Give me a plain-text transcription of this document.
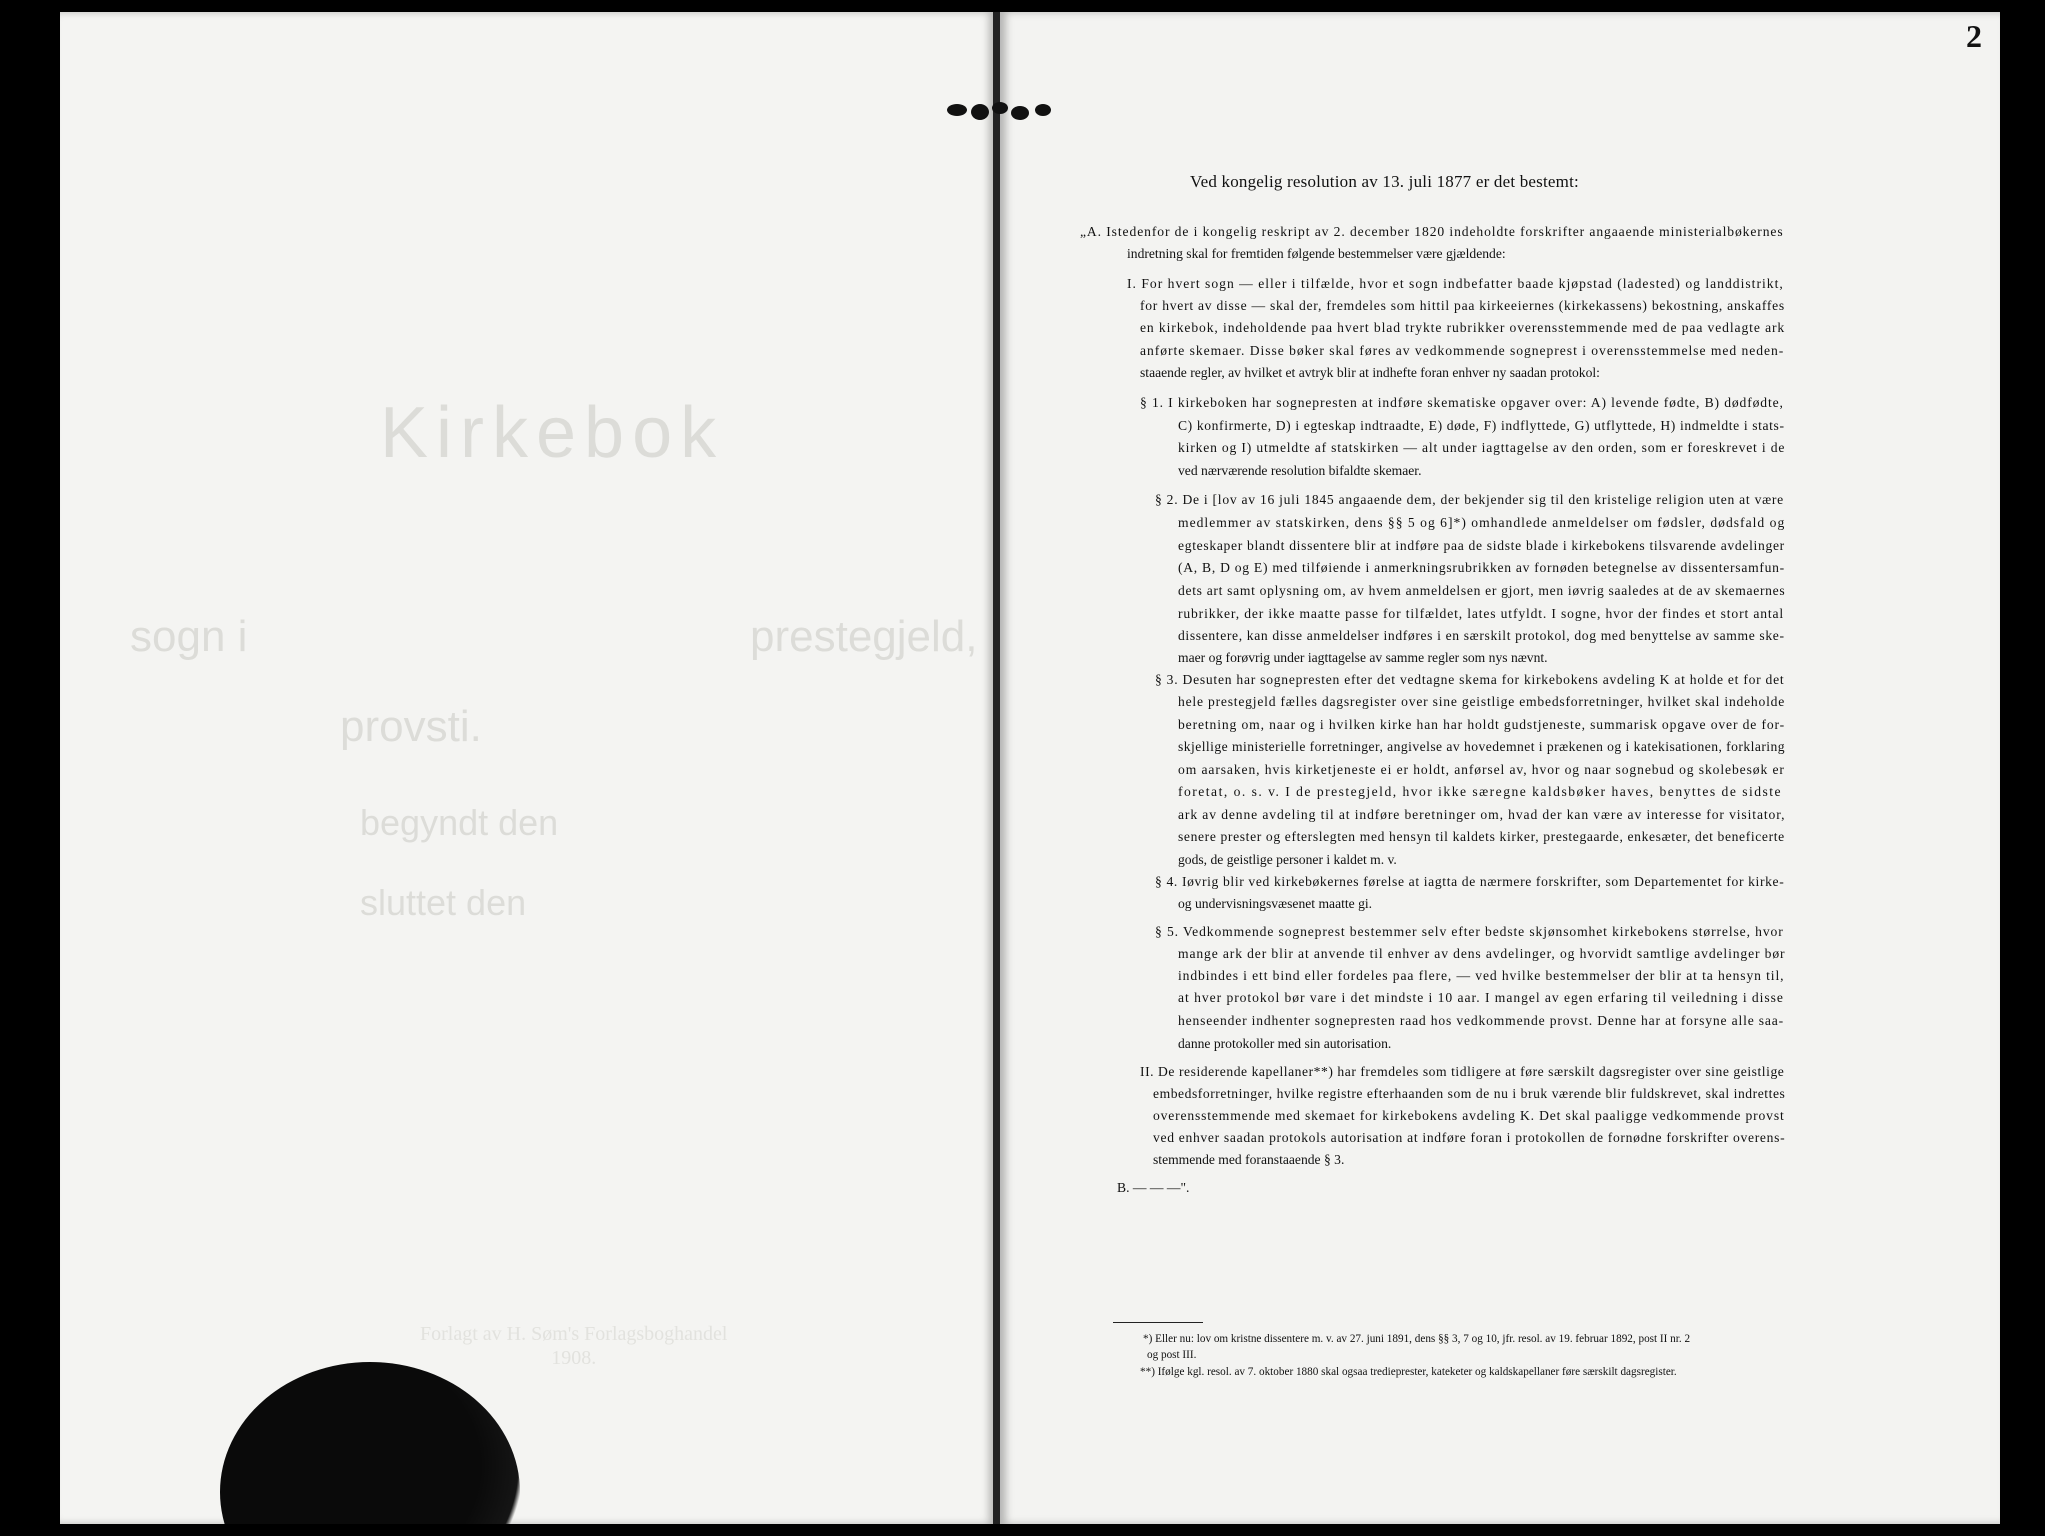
Kirkebok
sogn i	prestegjeld,
provsti.
begyndt den
sluttet den
Forlagt av H. Søm's Forlagsboghandel
1908.
2
Ved kongelig resolution av 13. juli 1877 er det bestemt:
„A. Istedenfor de i kongelig reskript av 2. december 1820 indeholdte forskrifter angaaende ministerialbøkernes
indretning skal for fremtiden følgende bestemmelser være gjældende:
I. For hvert sogn — eller i tilfælde, hvor et sogn indbefatter baade kjøpstad (ladested) og landdistrikt,
for hvert av disse — skal der, fremdeles som hittil paa kirkeeiernes (kirkekassens) bekostning, anskaffes
en kirkebok, indeholdende paa hvert blad trykte rubrikker overensstemmende med de paa vedlagte ark
anførte skemaer. Disse bøker skal føres av vedkommende sogneprest i overensstemmelse med neden-
staaende regler, av hvilket et avtryk blir at indhefte foran enhver ny saadan protokol:
§ 1. I kirkeboken har sognepresten at indføre skematiske opgaver over: A) levende fødte, B) dødfødte,
C) konfirmerte, D) i egteskap indtraadte, E) døde, F) indflyttede, G) utflyttede, H) indmeldte i stats-
kirken og I) utmeldte af statskirken — alt under iagttagelse av den orden, som er foreskrevet i de
ved nærværende resolution bifaldte skemaer.
§ 2. De i [lov av 16 juli 1845 angaaende dem, der bekjender sig til den kristelige religion uten at være
medlemmer av statskirken, dens §§ 5 og 6]*) omhandlede anmeldelser om fødsler, dødsfald og
egteskaper blandt dissentere blir at indføre paa de sidste blade i kirkebokens tilsvarende avdelinger
(A, B, D og E) med tilføiende i anmerkningsrubrikken av fornøden betegnelse av dissentersamfun-
dets art samt oplysning om, av hvem anmeldelsen er gjort, men iøvrig saaledes at de av skemaernes
rubrikker, der ikke maatte passe for tilfældet, lates utfyldt. I sogne, hvor der findes et stort antal
dissentere, kan disse anmeldelser indføres i en særskilt protokol, dog med benyttelse av samme ske-
maer og forøvrig under iagttagelse av samme regler som nys nævnt.
§ 3. Desuten har sognepresten efter det vedtagne skema for kirkebokens avdeling K at holde et for det
hele prestegjeld fælles dagsregister over sine geistlige embedsforretninger, hvilket skal indeholde
beretning om, naar og i hvilken kirke han har holdt gudstjeneste, summarisk opgave over de for-
skjellige ministerielle forretninger, angivelse av hovedemnet i prækenen og i katekisationen, forklaring
om aarsaken, hvis kirketjeneste ei er holdt, anførsel av, hvor og naar sognebud og skolebesøk er
foretat, o. s. v. I de prestegjeld, hvor ikke særegne kaldsbøker haves, benyttes de sidste
ark av denne avdeling til at indføre beretninger om, hvad der kan være av interesse for visitator,
senere prester og efterslegten med hensyn til kaldets kirker, prestegaarde, enkesæter, det beneficerte
gods, de geistlige personer i kaldet m. v.
§ 4. Iøvrig blir ved kirkebøkernes førelse at iagtta de nærmere forskrifter, som Departementet for kirke-
og undervisningsvæsenet maatte gi.
§ 5. Vedkommende sogneprest bestemmer selv efter bedste skjønsomhet kirkebokens størrelse, hvor
mange ark der blir at anvende til enhver av dens avdelinger, og hvorvidt samtlige avdelinger bør
indbindes i ett bind eller fordeles paa flere, — ved hvilke bestemmelser der blir at ta hensyn til,
at hver protokol bør vare i det mindste i 10 aar. I mangel av egen erfaring til veiledning i disse
henseender indhenter sognepresten raad hos vedkommende provst. Denne har at forsyne alle saa-
danne protokoller med sin autorisation.
II. De residerende kapellaner**) har fremdeles som tidligere at føre særskilt dagsregister over sine geistlige
embedsforretninger, hvilke registre efterhaanden som de nu i bruk værende blir fuldskrevet, skal indrettes
overensstemmende med skemaet for kirkebokens avdeling K. Det skal paaligge vedkommende provst
ved enhver saadan protokols autorisation at indføre foran i protokollen de fornødne forskrifter overens-
stemmende med foranstaaende § 3.
B. — — —".
*) Eller nu: lov om kristne dissentere m. v. av 27. juni 1891, dens §§ 3, 7 og 10, jfr. resol. av 19. februar 1892, post II nr. 2
og post III.
**) Ifølge kgl. resol. av 7. oktober 1880 skal ogsaa tredieprester, kateketer og kaldskapellaner føre særskilt dagsregister.
